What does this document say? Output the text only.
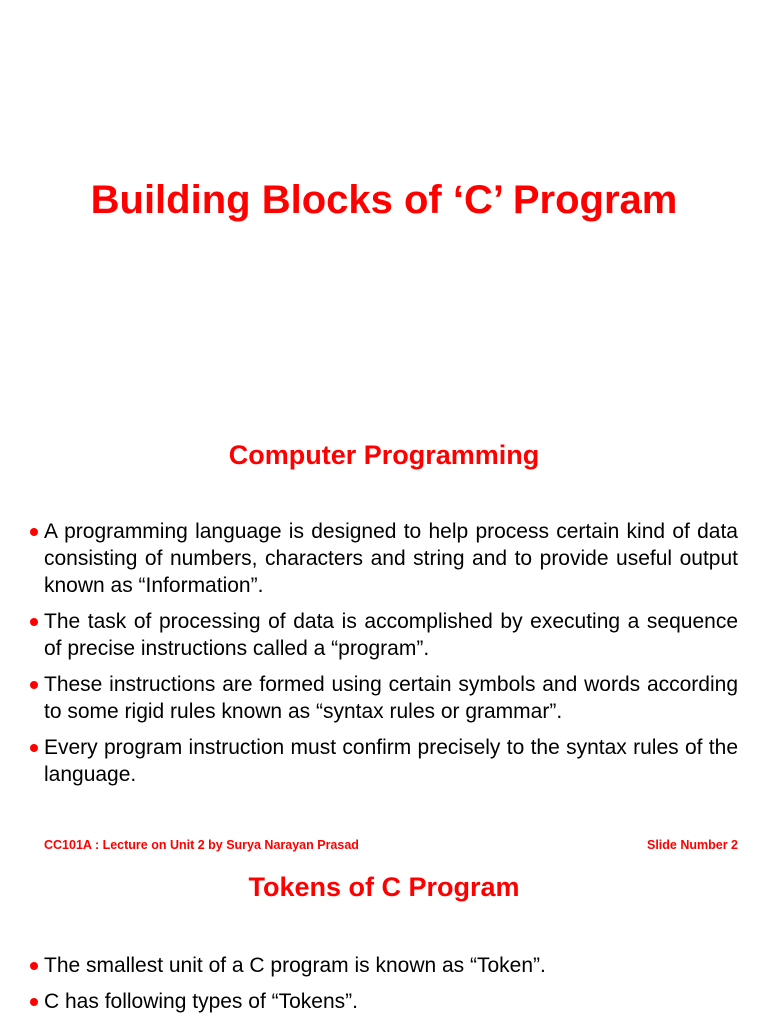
Building Blocks of ‘C’ Program
Computer Programming
A programming language is designed to help process certain kind of data consisting of numbers, characters and string and to provide useful output known as “Information”.
The task of processing of data is accomplished by executing a sequence of precise instructions called a “program”.
These instructions are formed using certain symbols and words according to some rigid rules known as “syntax rules or grammar”.
Every program instruction must confirm precisely to the syntax rules of the language.
CC101A : Lecture on Unit 2 by Surya Narayan Prasad	Slide Number 2
Tokens of C Program
The smallest unit of a C program is known as “Token”.
C has following types of “Tokens”.
